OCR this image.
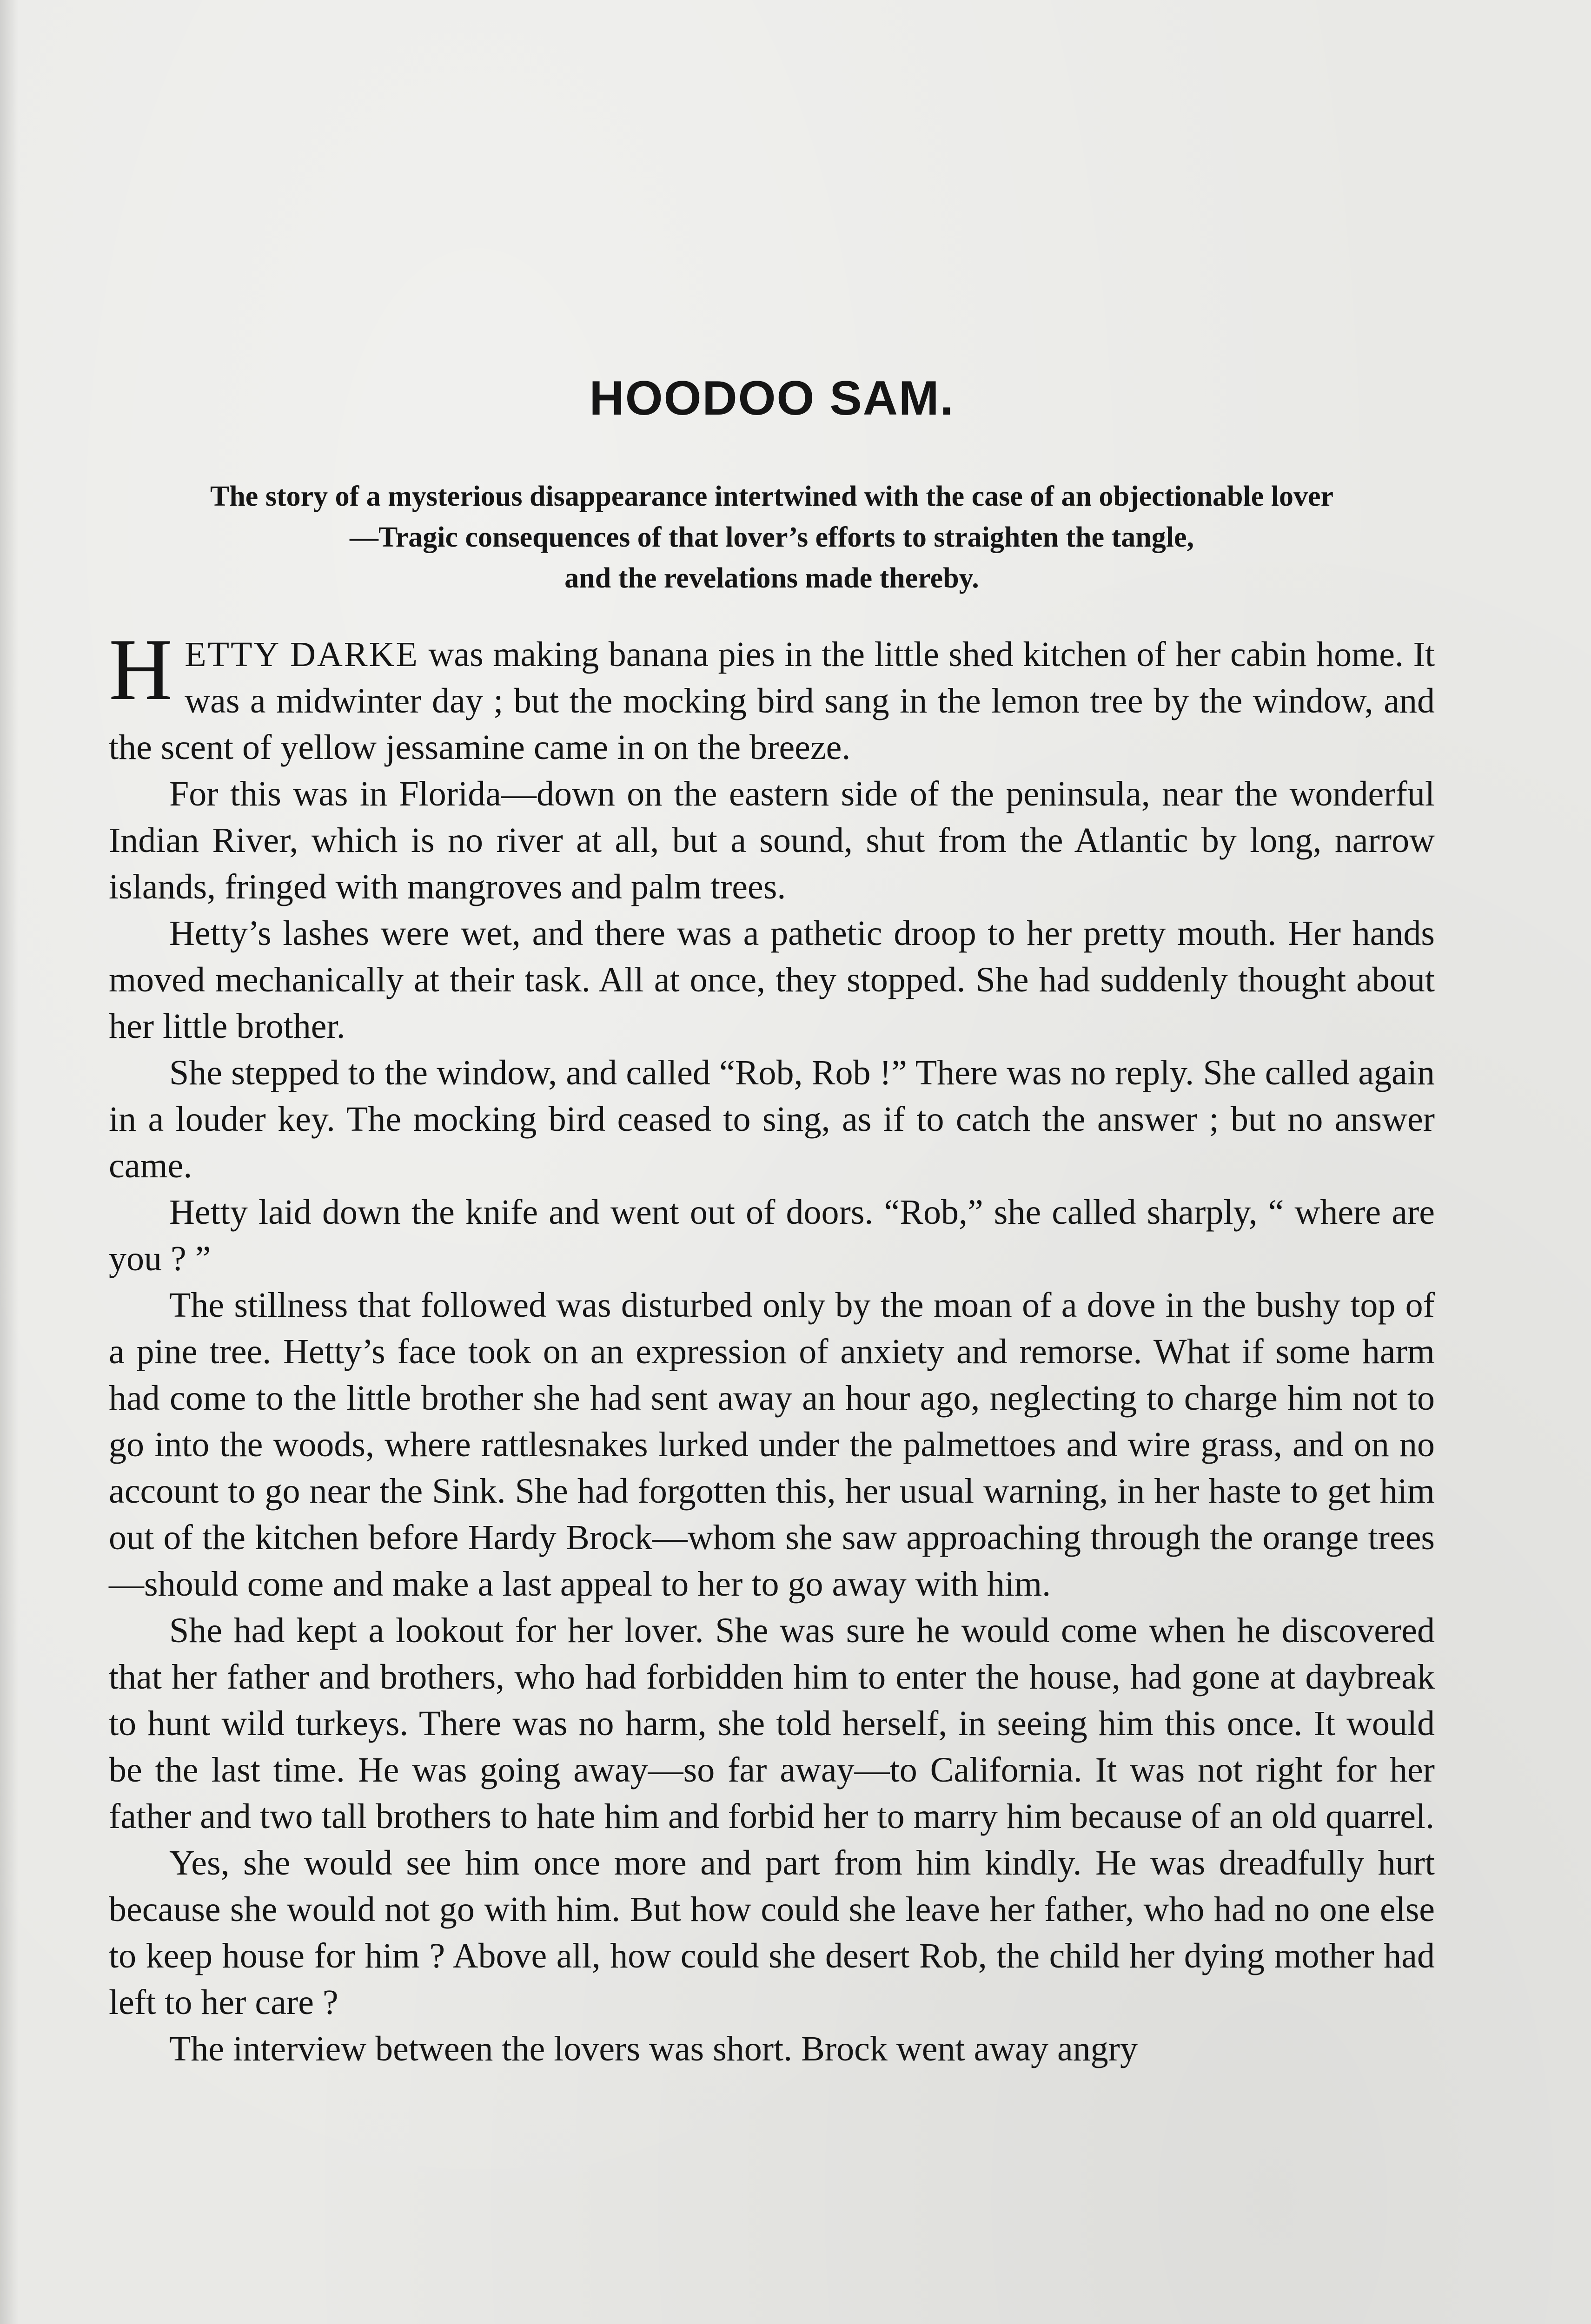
HOODOO SAM.
The story of a mysterious disappearance intertwined with the case of an objectionable lover
—Tragic consequences of that lover’s efforts to straighten the tangle,
and the revelations made thereby.

HETTY DARKE was making banana pies in the little shed kitchen of her cabin home. It was a midwinter day ; but the mocking bird sang in the lemon tree by the window, and the scent of yellow jessamine came in on the breeze.

For this was in Florida—down on the eastern side of the peninsula, near the wonderful Indian River, which is no river at all, but a sound, shut from the Atlantic by long, narrow islands, fringed with mangroves and palm trees.

Hetty’s lashes were wet, and there was a pathetic droop to her pretty mouth. Her hands moved mechanically at their task. All at once, they stopped. She had suddenly thought about her little brother.

She stepped to the window, and called “Rob, Rob !” There was no reply. She called again in a louder key. The mocking bird ceased to sing, as if to catch the answer ; but no answer came.

Hetty laid down the knife and went out of doors. “Rob,” she called sharply, “ where are you ? ”

The stillness that followed was disturbed only by the moan of a dove in the bushy top of a pine tree. Hetty’s face took on an expression of anxiety and remorse. What if some harm had come to the little brother she had sent away an hour ago, neglecting to charge him not to go into the woods, where rattlesnakes lurked under the palmettoes and wire grass, and on no account to go near the Sink. She had forgotten this, her usual warning, in her haste to get him out of the kitchen before Hardy Brock—whom she saw approaching through the orange trees—should come and make a last appeal to her to go away with him.

She had kept a lookout for her lover. She was sure he would come when he discovered that her father and brothers, who had forbidden him to enter the house, had gone at daybreak to hunt wild turkeys. There was no harm, she told herself, in seeing him this once. It would be the last time. He was going away—so far away—to California. It was not right for her father and two tall brothers to hate him and forbid her to marry him because of an old quarrel.

Yes, she would see him once more and part from him kindly. He was dreadfully hurt because she would not go with him. But how could she leave her father, who had no one else to keep house for him ? Above all, how could she desert Rob, the child her dying mother had left to her care ?

The interview between the lovers was short. Brock went away angry
